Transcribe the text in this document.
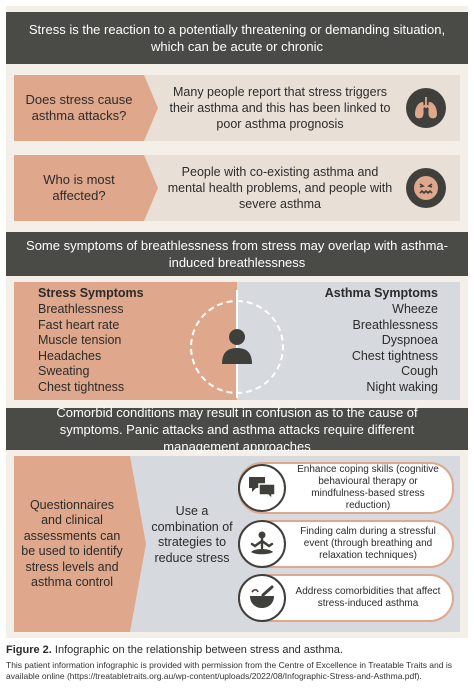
Stress is the reaction to a potentially threatening or demanding situation, which can be acute or chronic
Does stress cause asthma attacks?
Many people report that stress triggers their asthma and this has been linked to poor asthma prognosis
Who is most affected?
People with co-existing asthma and mental health problems, and people with severe asthma
Some symptoms of breathlessness from stress may overlap with asthma-induced breathlessness
Stress Symptoms
Breathlessness
Fast heart rate
Muscle tension
Headaches
Sweating
Chest tightness
Asthma Symptoms
Wheeze
Breathlessness
Dyspnoea
Chest tightness
Cough
Night waking
Comorbid conditions may result in confusion as to the cause of symptoms. Panic attacks and asthma attacks require different management approaches
Questionnaires and clinical assessments can be used to identify stress levels and asthma control
Use a combination of strategies to reduce stress
Enhance coping skills (cognitive behavioural therapy or mindfulness-based stress reduction)
Finding calm during a stressful event (through breathing and relaxation techniques)
Address comorbidities that affect stress-induced asthma
Figure 2. Infographic on the relationship between stress and asthma.
This patient information infographic is provided with permission from the Centre of Excellence in Treatable Traits and is available online (https://treatabletraits.org.au/wp-content/uploads/2022/08/Infographic-Stress-and-Asthma.pdf).
